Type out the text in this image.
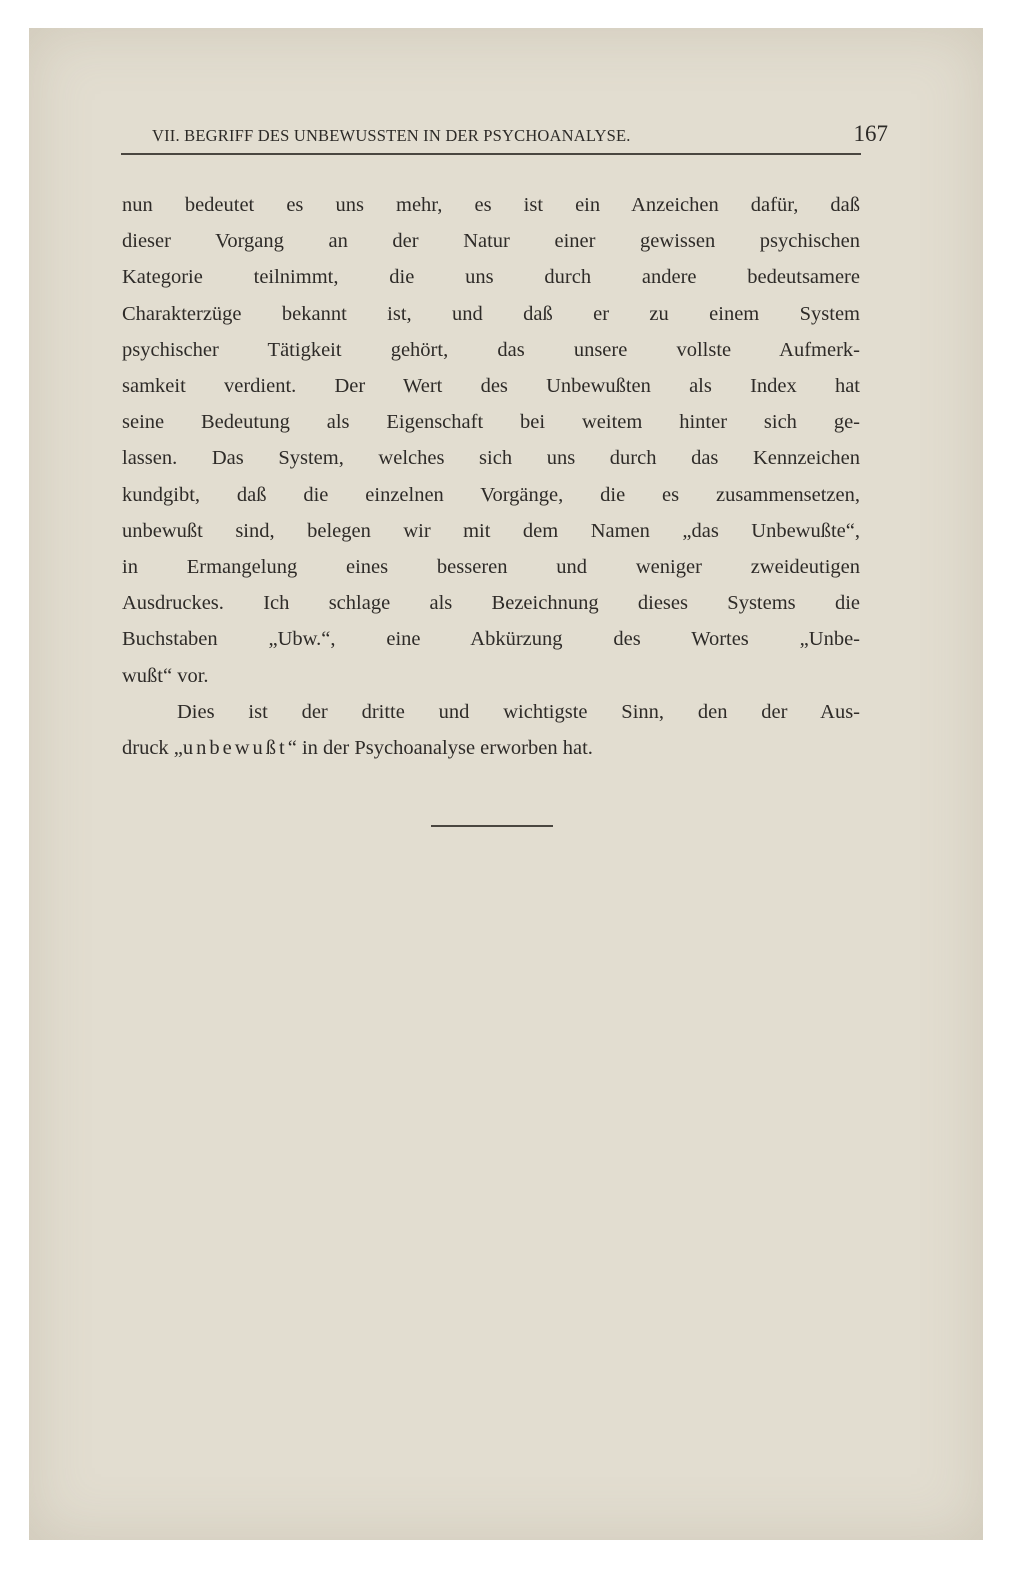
VII. BEGRIFF DES UNBEWUSSTEN IN DER PSYCHOANALYSE.	167
nun bedeutet es uns mehr, es ist ein Anzeichen dafür, daß
dieser Vorgang an der Natur einer gewissen psychischen
Kategorie teilnimmt, die uns durch andere bedeutsamere
Charakterzüge bekannt ist, und daß er zu einem System
psychischer Tätigkeit gehört, das unsere vollste Aufmerk-
samkeit verdient. Der Wert des Unbewußten als Index hat
seine Bedeutung als Eigenschaft bei weitem hinter sich ge-
lassen. Das System, welches sich uns durch das Kennzeichen
kundgibt, daß die einzelnen Vorgänge, die es zusammensetzen,
unbewußt sind, belegen wir mit dem Namen „das Unbewußte“,
in Ermangelung eines besseren und weniger zweideutigen
Ausdruckes. Ich schlage als Bezeichnung dieses Systems die
Buchstaben „Ubw.“, eine Abkürzung des Wortes „Unbe-
wußt“ vor.
Dies ist der dritte und wichtigste Sinn, den der Aus-
druck „unbewußt“ in der Psychoanalyse erworben hat.
